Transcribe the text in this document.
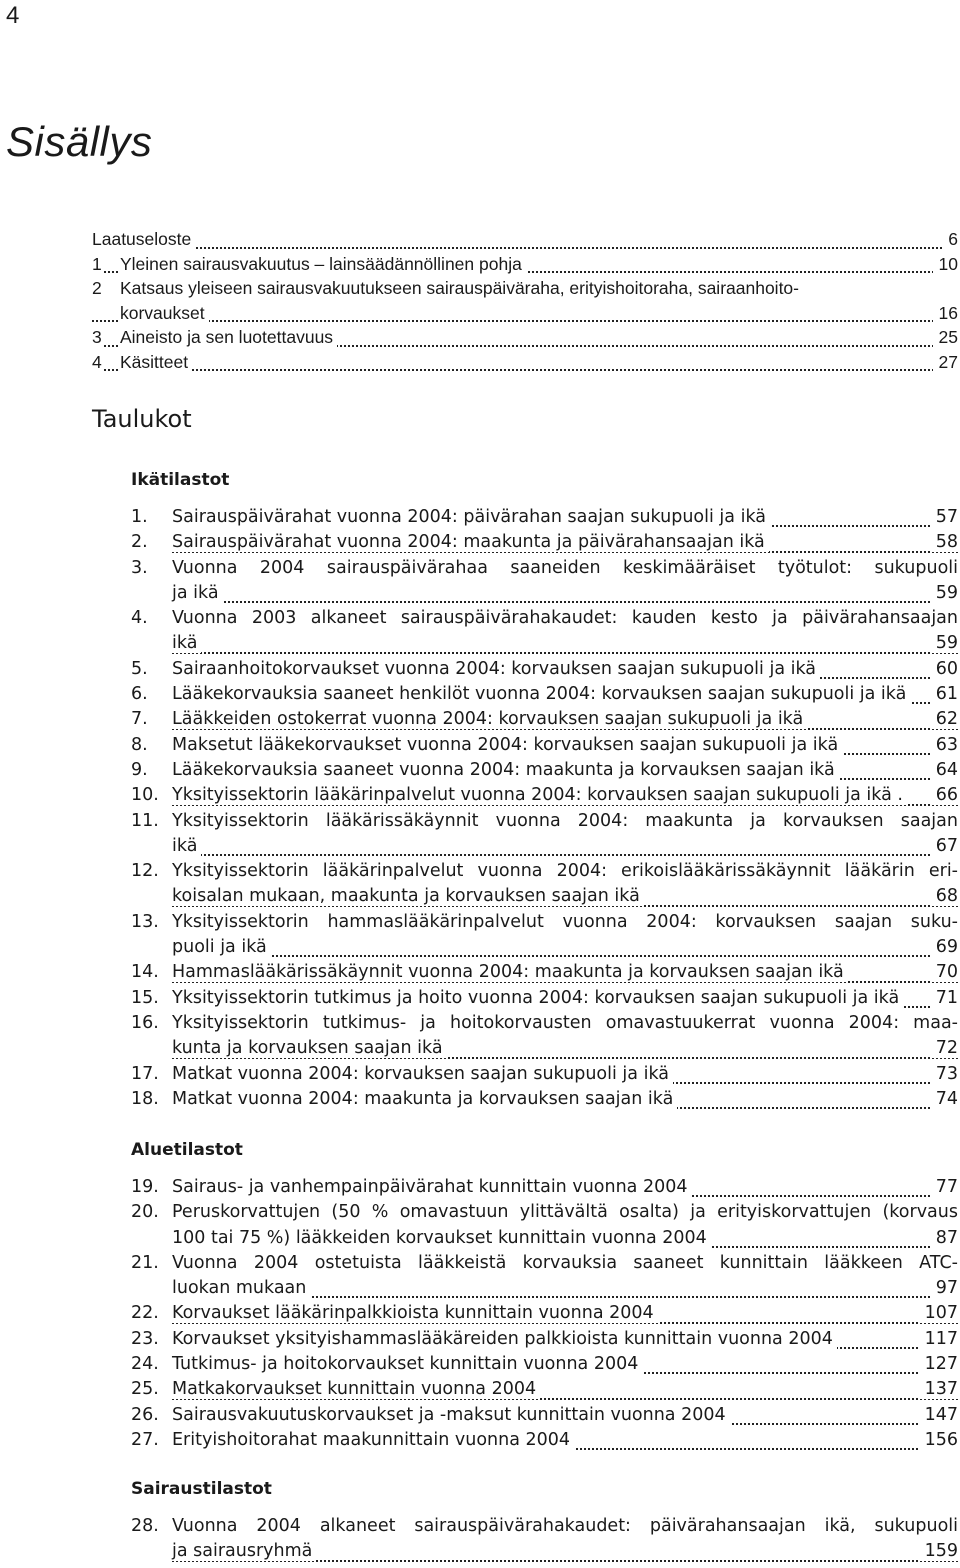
4
Sisällys
Laatuseloste	6
1 Yleinen sairausvakuutus – lainsäädännöllinen pohja	10
2 Katsaus yleiseen sairausvakuutukseen sairauspäiväraha, erityishoitoraha, sairaanhoito-
korvaukset	16
3 Aineisto ja sen luotettavuus	25
4 Käsitteet	27
Taulukot
Ikätilastot
1.	Sairauspäivärahat vuonna 2004: päivärahan saajan sukupuoli ja ikä	57
2.	Sairauspäivärahat vuonna 2004: maakunta ja päivärahansaajan ikä	58
3.	Vuonna 2004 sairauspäivärahaa saaneiden keskimääräiset työtulot: sukupuoli
ja ikä	59
4.	Vuonna 2003 alkaneet sairauspäivärahakaudet: kauden kesto ja päivärahansaajan
ikä	59
5.	Sairaanhoitokorvaukset vuonna 2004: korvauksen saajan sukupuoli ja ikä	60
6.	Lääkekorvauksia saaneet henkilöt vuonna 2004: korvauksen saajan sukupuoli ja ikä	61
7.	Lääkkeiden ostokerrat vuonna 2004: korvauksen saajan sukupuoli ja ikä	62
8.	Maksetut lääkekorvaukset vuonna 2004: korvauksen saajan sukupuoli ja ikä	63
9.	Lääkekorvauksia saaneet vuonna 2004: maakunta ja korvauksen saajan ikä	64
10. Yksityissektorin lääkärinpalvelut vuonna 2004: korvauksen saajan sukupuoli ja ikä .	66
11. Yksityissektorin lääkärissäkäynnit vuonna 2004: maakunta ja korvauksen saajan
ikä	67
12. Yksityissektorin lääkärinpalvelut vuonna 2004: erikoislääkärissäkäynnit lääkärin eri-
koisalan mukaan, maakunta ja korvauksen saajan ikä	68
13. Yksityissektorin hammaslääkärinpalvelut vuonna 2004: korvauksen saajan suku-
puoli ja ikä	69
14. Hammaslääkärissäkäynnit vuonna 2004: maakunta ja korvauksen saajan ikä	70
15. Yksityissektorin tutkimus ja hoito vuonna 2004: korvauksen saajan sukupuoli ja ikä	71
16. Yksityissektorin tutkimus- ja hoitokorvausten omavastuukerrat vuonna 2004: maa-
kunta ja korvauksen saajan ikä	72
17. Matkat vuonna 2004: korvauksen saajan sukupuoli ja ikä	73
18. Matkat vuonna 2004: maakunta ja korvauksen saajan ikä	74
Aluetilastot
19. Sairaus- ja vanhempainpäivärahat kunnittain vuonna 2004	77
20. Peruskorvattujen (50 % omavastuun ylittävältä osalta) ja erityiskorvattujen (korvaus
100 tai 75 %) lääkkeiden korvaukset kunnittain vuonna 2004	87
21. Vuonna 2004 ostetuista lääkkeistä korvauksia saaneet kunnittain lääkkeen ATC-
luokan mukaan	97
22. Korvaukset lääkärinpalkkioista kunnittain vuonna 2004	107
23. Korvaukset yksityishammaslääkäreiden palkkioista kunnittain vuonna 2004	117
24. Tutkimus- ja hoitokorvaukset kunnittain vuonna 2004	127
25. Matkakorvaukset kunnittain vuonna 2004	137
26. Sairausvakuutuskorvaukset ja -maksut kunnittain vuonna 2004	147
27. Erityishoitorahat maakunnittain vuonna 2004	156
Sairaustilastot
28. Vuonna 2004 alkaneet sairauspäivärahakaudet: päivärahansaajan ikä, sukupuoli
ja sairausryhmä	159
